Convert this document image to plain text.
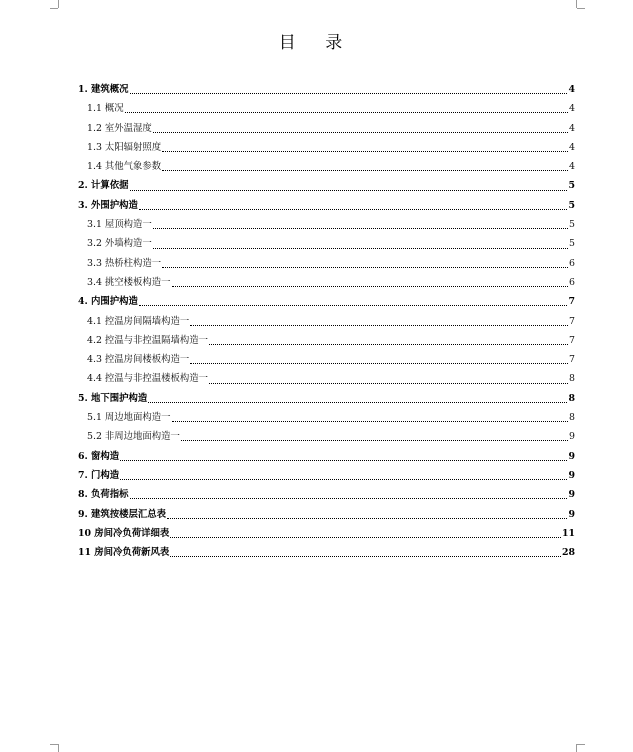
目 录
1. 建筑概况	4
1.1 概况	4
1.2 室外温湿度	4
1.3 太阳辐射照度	4
1.4 其他气象参数	4
2. 计算依据	5
3. 外围护构造	5
3.1 屋顶构造一	5
3.2 外墙构造一	5
3.3 热桥柱构造一	6
3.4 挑空楼板构造一	6
4. 内围护构造	7
4.1 控温房间隔墙构造一	7
4.2 控温与非控温隔墙构造一	7
4.3 控温房间楼板构造一	7
4.4 控温与非控温楼板构造一	8
5. 地下围护构造	8
5.1 周边地面构造一	8
5.2 非周边地面构造一	9
6. 窗构造	9
7. 门构造	9
8. 负荷指标	9
9. 建筑按楼层汇总表	9
10 房间冷负荷详细表	11
11 房间冷负荷新风表	28
